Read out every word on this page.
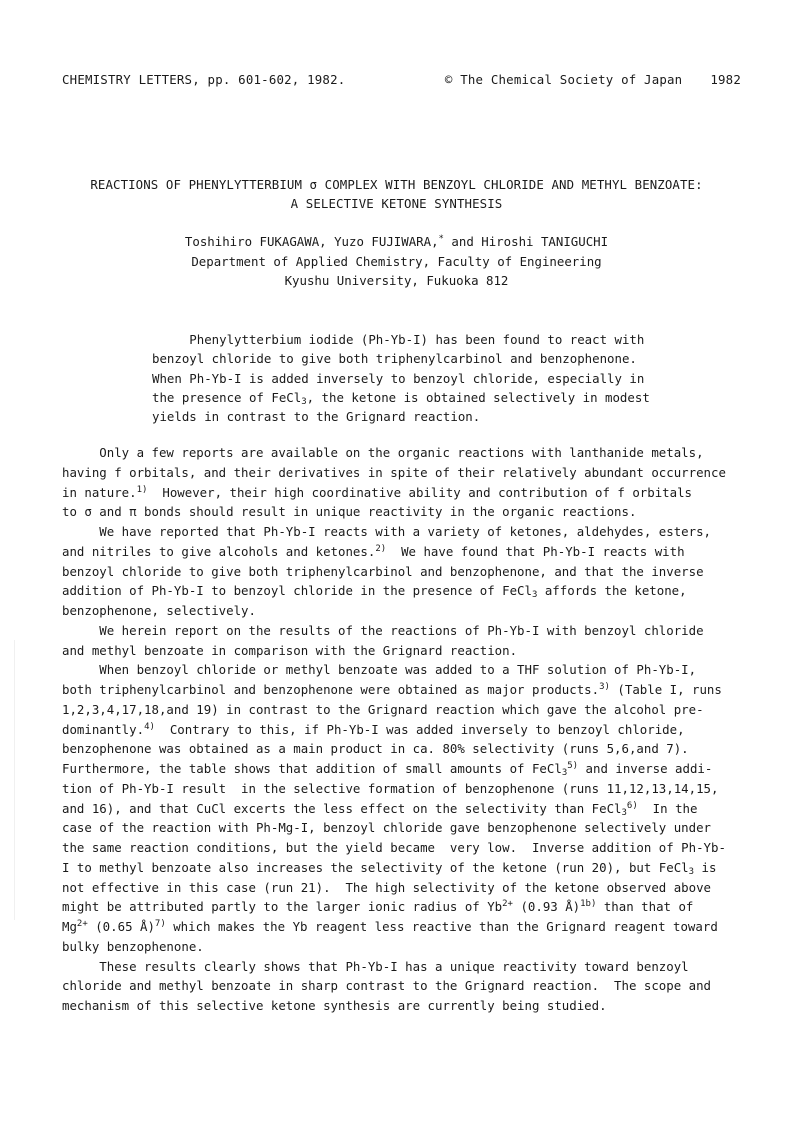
CHEMISTRY LETTERS, pp. 601-602, 1982.	© The Chemical Society of Japan 1982
REACTIONS OF PHENYLYTTERBIUM σ COMPLEX WITH BENZOYL CHLORIDE AND METHYL BENZOATE:
A SELECTIVE KETONE SYNTHESIS
Toshihiro FUKAGAWA, Yuzo FUJIWARA,* and Hiroshi TANIGUCHI
Department of Applied Chemistry, Faculty of Engineering
Kyushu University, Fukuoka 812
Phenylytterbium iodide (Ph-Yb-I) has been found to react with
benzoyl chloride to give both triphenylcarbinol and benzophenone.
When Ph-Yb-I is added inversely to benzoyl chloride, especially in
the presence of FeCl$_3$, the ketone is obtained selectively in modest
yields in contrast to the Grignard reaction.
Only a few reports are available on the organic reactions with lanthanide metals,
having f orbitals, and their derivatives in spite of their relatively abundant occurrence
in nature.$^{1)}$  However, their high coordinative ability and contribution of f orbitals
to σ and π bonds should result in unique reactivity in the organic reactions.
We have reported that Ph-Yb-I reacts with a variety of ketones, aldehydes, esters,
and nitriles to give alcohols and ketones.$^{2)}$  We have found that Ph-Yb-I reacts with
benzoyl chloride to give both triphenylcarbinol and benzophenone, and that the inverse
addition of Ph-Yb-I to benzoyl chloride in the presence of FeCl$_3$ affords the ketone,
benzophenone, selectively.
We herein report on the results of the reactions of Ph-Yb-I with benzoyl chloride
and methyl benzoate in comparison with the Grignard reaction.
When benzoyl chloride or methyl benzoate was added to a THF solution of Ph-Yb-I,
both triphenylcarbinol and benzophenone were obtained as major products.$^{3)}$ (Table I, runs
1,2,3,4,17,18,and 19) in contrast to the Grignard reaction which gave the alcohol pre-
dominantly.$^{4)}$  Contrary to this, if Ph-Yb-I was added inversely to benzoyl chloride,
benzophenone was obtained as a main product in ca. 80% selectivity (runs 5,6,and 7).
Furthermore, the table shows that addition of small amounts of FeCl$_3^{5)}$ and inverse addi-
tion of Ph-Yb-I result  in the selective formation of benzophenone (runs 11,12,13,14,15,
and 16), and that CuCl excerts the less effect on the selectivity than FeCl$_3^{6)}$  In the
case of the reaction with Ph-Mg-I, benzoyl chloride gave benzophenone selectively under
the same reaction conditions, but the yield became  very low.  Inverse addition of Ph-Yb-
I to methyl benzoate also increases the selectivity of the ketone (run 20), but FeCl$_3$ is
not effective in this case (run 21).  The high selectivity of the ketone observed above
might be attributed partly to the larger ionic radius of $Yb^{2+}$ (0.93 Å)$^{1b)}$ than that of
$Mg^{2+}$ (0.65 Å)$^{7)}$ which makes the Yb reagent less reactive than the Grignard reagent toward
bulky benzophenone.
These results clearly shows that Ph-Yb-I has a unique reactivity toward benzoyl
chloride and methyl benzoate in sharp contrast to the Grignard reaction.  The scope and
mechanism of this selective ketone synthesis are currently being studied.
